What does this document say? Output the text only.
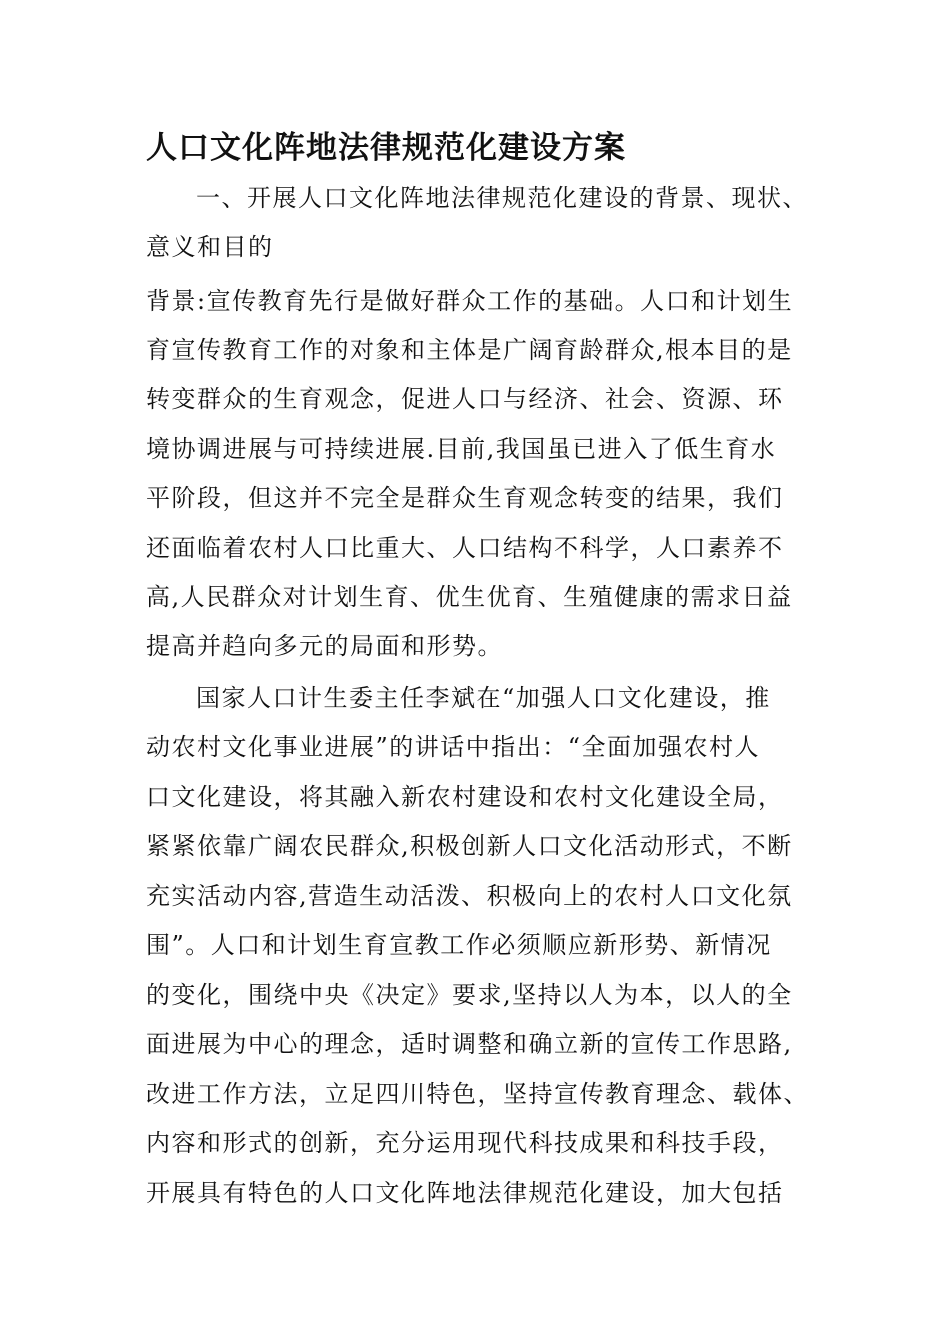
人口文化阵地法律规范化建设方案
一、开展人口文化阵地法律规范化建设的背景、现状、
意义和目的
背景:宣传教育先行是做好群众工作的基础。人口和计划生
育宣传教育工作的对象和主体是广阔育龄群众,根本目的是
转变群众的生育观念，促进人口与经济、社会、资源、环
境协调进展与可持续进展.目前,我国虽已进入了低生育水
平阶段，但这并不完全是群众生育观念转变的结果，我们
还面临着农村人口比重大、人口结构不科学，人口素养不
高,人民群众对计划生育、优生优育、生殖健康的需求日益
提高并趋向多元的局面和形势。
国家人口计生委主任李斌在“加强人口文化建设，推
动农村文化事业进展”的讲话中指出：“全面加强农村人
口文化建设，将其融入新农村建设和农村文化建设全局，
紧紧依靠广阔农民群众,积极创新人口文化活动形式，不断
充实活动内容,营造生动活泼、积极向上的农村人口文化氛
围”。人口和计划生育宣教工作必须顺应新形势、新情况
的变化，围绕中央《决定》要求,坚持以人为本，以人的全
面进展为中心的理念，适时调整和确立新的宣传工作思路,
改进工作方法，立足四川特色，坚持宣传教育理念、载体、
内容和形式的创新，充分运用现代科技成果和科技手段，
开展具有特色的人口文化阵地法律规范化建设，加大包括
